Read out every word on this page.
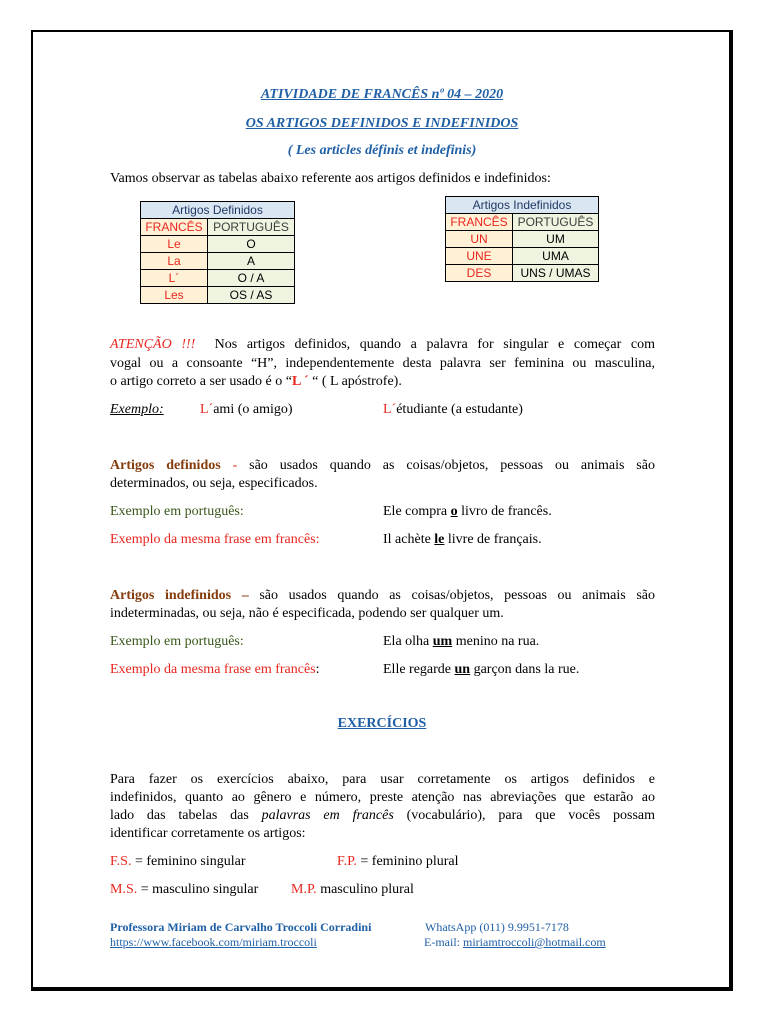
ATIVIDADE DE FRANCÊS nº 04 – 2020
OS ARTIGOS DEFINIDOS E INDEFINIDOS
( Les articles définis et indefinis)
Vamos observar as tabelas abaixo referente aos artigos definidos e indefinidos:
Artigos Definidos	
FRANCÊS	PORTUGUÊS
Le	O
La	A
L´	O / A
Les	OS / AS
Artigos Indefinidos	
FRANCÊS	PORTUGUÊS
UN	UM
UNE	UMA
DES	UNS / UMAS
ATENÇÃO !!! Nos artigos definidos, quando a palavra for singular e começar com
vogal ou a consoante “H”, independentemente desta palavra ser feminina ou masculina,
o artigo correto a ser usado é o “L ´ “ ( L apóstrofe).
Exemplo:	L´ami (o amigo)	L´étudiante (a estudante)
Artigos definidos - são usados quando as coisas/objetos, pessoas ou animais são
determinados, ou seja, especificados.
Exemplo em português:	Ele compra o livro de francês.
Exemplo da mesma frase em francês:	Il achète le livre de français.
Artigos indefinidos – são usados quando as coisas/objetos, pessoas ou animais são
indeterminadas, ou seja, não é especificada, podendo ser qualquer um.
Exemplo em português:	Ela olha um menino na rua.
Exemplo da mesma frase em francês:	Elle regarde un garçon dans la rue.
EXERCÍCIOS
Para fazer os exercícios abaixo, para usar corretamente os artigos definidos e
indefinidos, quanto ao gênero e número, preste atenção nas abreviações que estarão ao
lado das tabelas das palavras em francês (vocabulário), para que vocês possam
identificar corretamente os artigos:
F.S. = feminino singular	F.P. = feminino plural
M.S. = masculino singular M.P. masculino plural
Professora Miriam de Carvalho Troccoli Corradini	WhatsApp (011) 9.9951-7178
https://www.facebook.com/miriam.troccoli	E-mail: miriamtroccoli@hotmail.com
